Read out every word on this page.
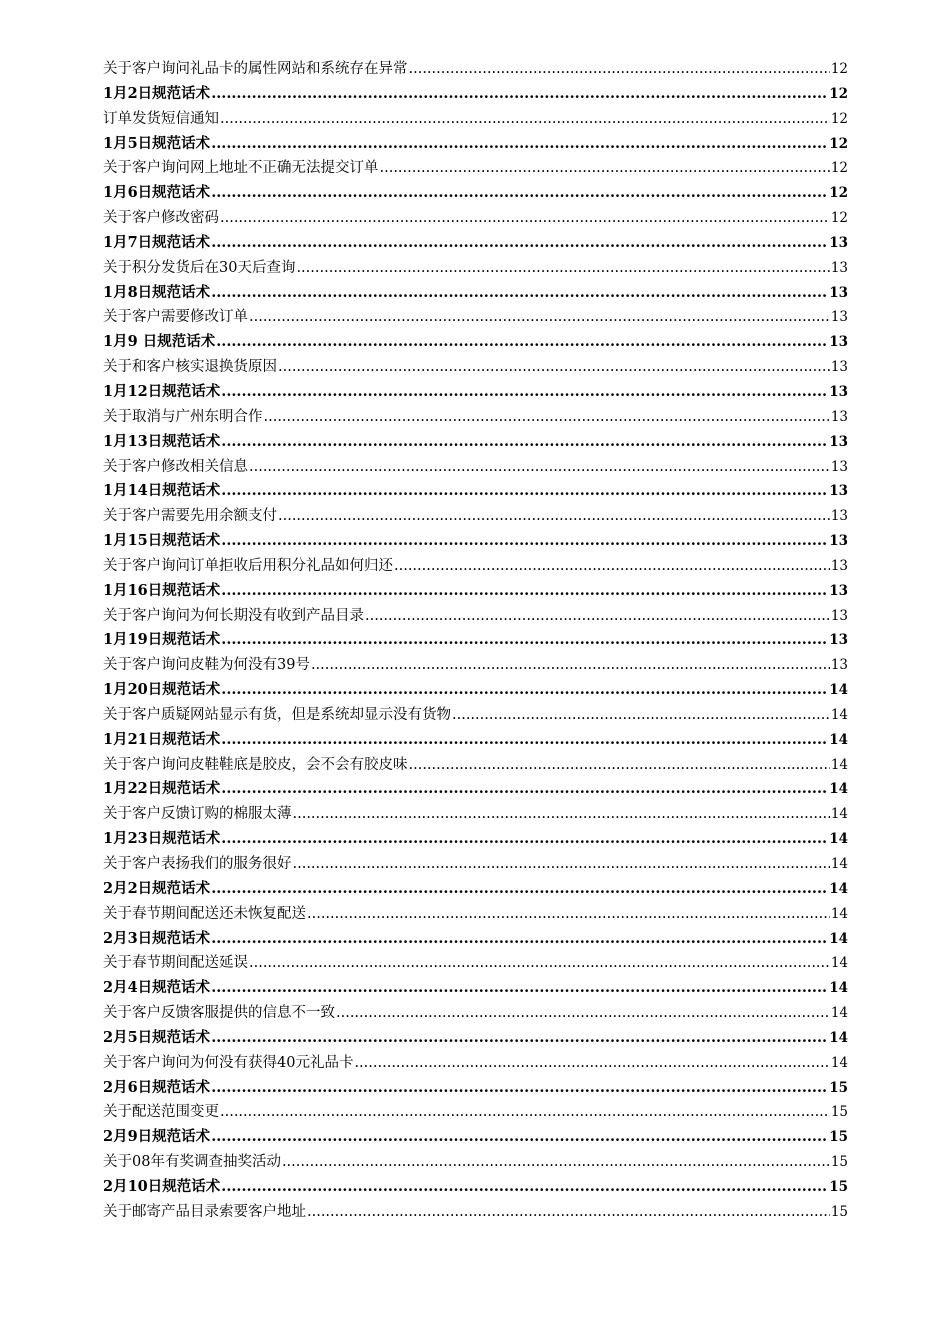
关于客户询问礼品卡的属性网站和系统存在异常 .....	12
1月2日规范话术 .....	12
订单发货短信通知 .....	12
1月5日规范话术 .....	12
关于客户询问网上地址不正确无法提交订单 .....	12
1月6日规范话术 .....	12
关于客户修改密码 .....	12
1月7日规范话术 .....	13
关于积分发货后在30天后查询 .....	13
1月8日规范话术 .....	13
关于客户需要修改订单 .....	13
1月9 日规范话术 .....	13
关于和客户核实退换货原因 .....	13
1月12日规范话术 .....	13
关于取消与广州东明合作 .....	13
1月13日规范话术 .....	13
关于客户修改相关信息 .....	13
1月14日规范话术 .....	13
关于客户需要先用余额支付 .....	13
1月15日规范话术 .....	13
关于客户询问订单拒收后用积分礼品如何归还 .....	13
1月16日规范话术 .....	13
关于客户询问为何长期没有收到产品目录 .....	13
1月19日规范话术 .....	13
关于客户询问皮鞋为何没有39号 .....	13
1月20日规范话术 .....	14
关于客户质疑网站显示有货，但是系统却显示没有货物 .....	14
1月21日规范话术 .....	14
关于客户询问皮鞋鞋底是胶皮，会不会有胶皮味 .....	14
1月22日规范话术 .....	14
关于客户反馈订购的棉服太薄 .....	14
1月23日规范话术 .....	14
关于客户表扬我们的服务很好 .....	14
2月2日规范话术 .....	14
关于春节期间配送还未恢复配送 .....	14
2月3日规范话术 .....	14
关于春节期间配送延误 .....	14
2月4日规范话术 .....	14
关于客户反馈客服提供的信息不一致 .....	14
2月5日规范话术 .....	14
关于客户询问为何没有获得40元礼品卡 .....	14
2月6日规范话术 .....	15
关于配送范围变更 .....	15
2月9日规范话术 .....	15
关于08年有奖调查抽奖活动 .....	15
2月10日规范话术 .....	15
关于邮寄产品目录索要客户地址 .....	15
